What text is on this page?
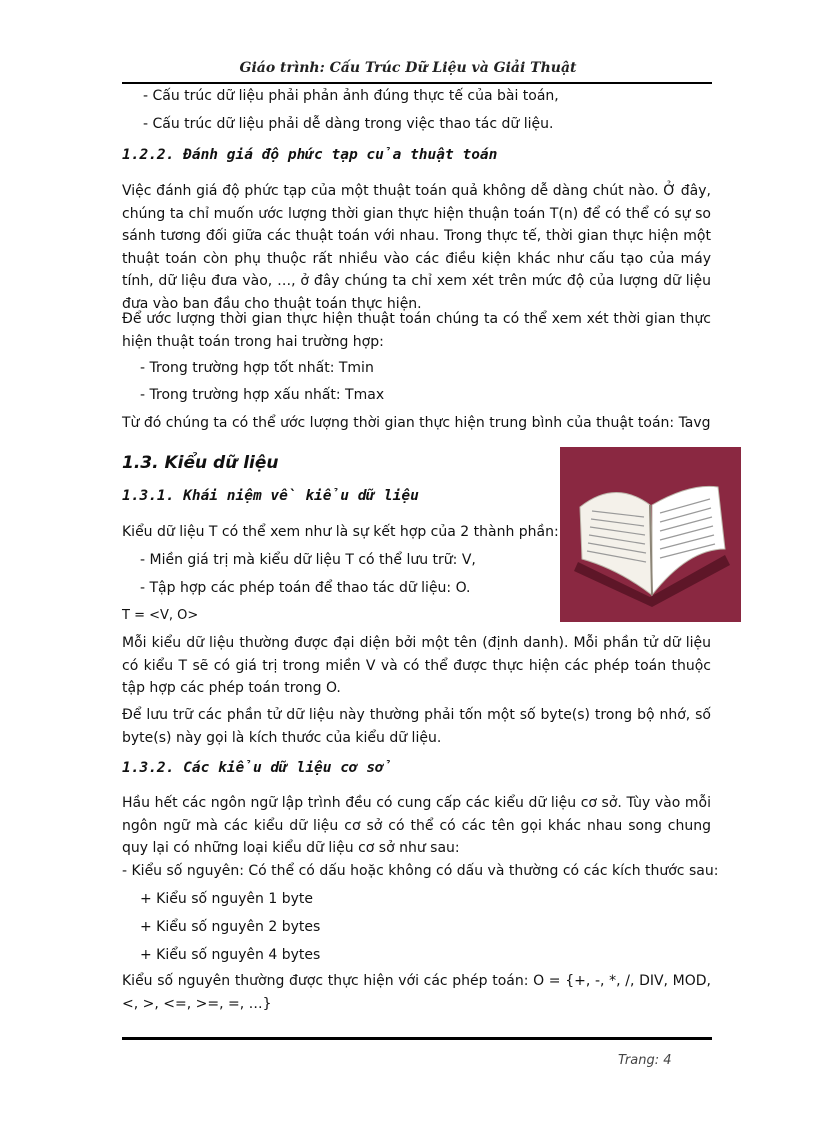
Giáo trình: Cấu Trúc Dữ Liệu và Giải Thuật
- Cấu trúc dữ liệu phải phản ảnh đúng thực tế của bài toán,
- Cấu trúc dữ liệu phải dễ dàng trong việc thao tác dữ liệu.
1.2.2. Đánh giá độ phức tạp của thuật toán
Việc đánh giá độ phức tạp của một thuật toán quả không dễ dàng chút nào. Ở đây, chúng ta chỉ muốn ước lượng thời gian thực hiện thuận toán T(n) để có thể có sự so sánh tương đối giữa các thuật toán với nhau. Trong thực tế, thời gian thực hiện một thuật toán còn phụ thuộc rất nhiều vào các điều kiện khác như cấu tạo của máy tính, dữ liệu đưa vào, …, ở đây chúng ta chỉ xem xét trên mức độ của lượng dữ liệu đưa vào ban đầu cho thuật toán thực hiện.
Để ước lượng thời gian thực hiện thuật toán chúng ta có thể xem xét thời gian thực hiện thuật toán trong hai trường hợp:
- Trong trường hợp tốt nhất: Tmin
- Trong trường hợp xấu nhất: Tmax
Từ đó chúng ta có thể ước lượng thời gian thực hiện trung bình của thuật toán: Tavg
1.3. Kiểu dữ liệu
1.3.1. Khái niệm về kiểu dữ liệu
Kiểu dữ liệu T có thể xem như là sự kết hợp của 2 thành phần:
- Miền giá trị mà kiểu dữ liệu T có thể lưu trữ: V,
- Tập hợp các phép toán để thao tác dữ liệu: O.
T = <V, O>
Mỗi kiểu dữ liệu thường được đại diện bởi một tên (định danh). Mỗi phần tử dữ liệu có kiểu T sẽ có giá trị trong miền V và có thể được thực hiện các phép toán thuộc tập hợp các phép toán trong O.
Để lưu trữ các phần tử dữ liệu này thường phải tốn một số byte(s) trong bộ nhớ, số byte(s) này gọi là kích thước của kiểu dữ liệu.
1.3.2. Các kiểu dữ liệu cơ sở
Hầu hết các ngôn ngữ lập trình đều có cung cấp các kiểu dữ liệu cơ sở. Tùy vào mỗi ngôn ngữ mà các kiểu dữ liệu cơ sở có thể có các tên gọi khác nhau song chung quy lại có những loại kiểu dữ liệu cơ sở như sau:
- Kiểu số nguyên: Có thể có dấu hoặc không có dấu và thường có các kích thước sau:
+ Kiểu số nguyên 1 byte
+ Kiểu số nguyên 2 bytes
+ Kiểu số nguyên 4 bytes
Kiểu số nguyên thường được thực hiện với các phép toán: O = {+, -, *, /, DIV, MOD, <, >, <=, >=, =, …}
Trang: 4
